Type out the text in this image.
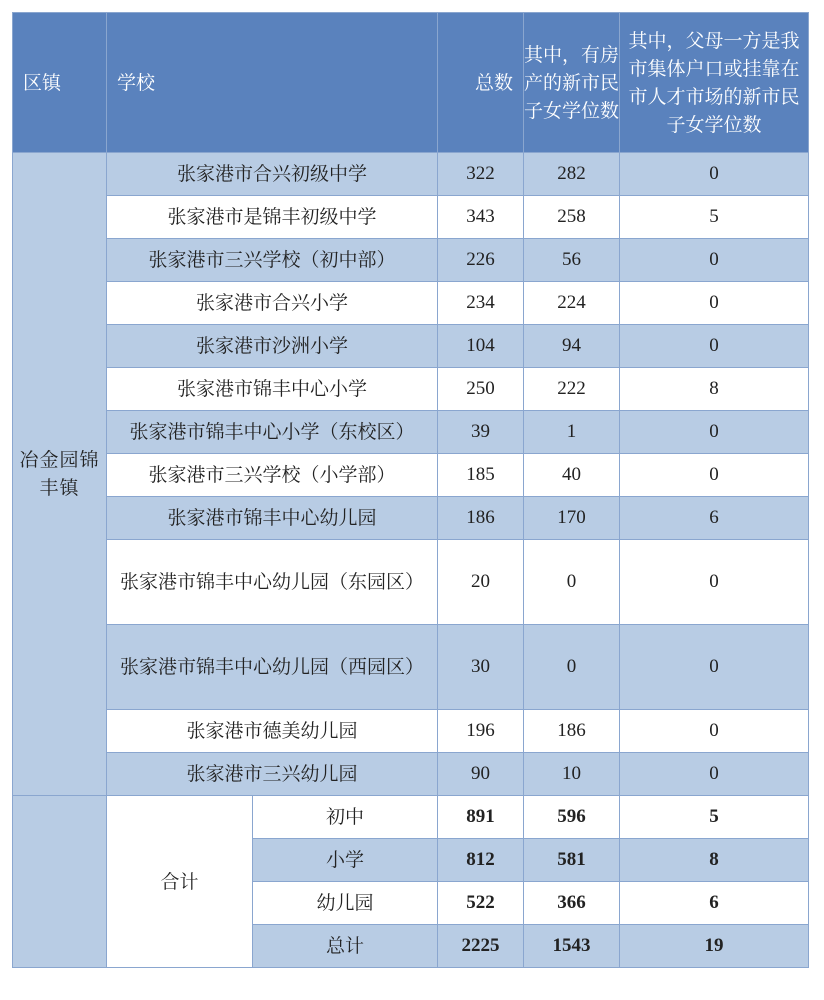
区镇	学校		总数	其中，有房产的新市民子女学位数	其中，父母一方是我市集体户口或挂靠在市人才市场的新市民子女学位数
冶金园锦丰镇	张家港市合兴初级中学		322	282	0
	张家港市是锦丰初级中学		343	258	5
	张家港市三兴学校（初中部）		226	56	0
	张家港市合兴小学		234	224	0
	张家港市沙洲小学		104	94	0
	张家港市锦丰中心小学		250	222	8
	张家港市锦丰中心小学（东校区）		39	1	0
	张家港市三兴学校（小学部）		185	40	0
	张家港市锦丰中心幼儿园		186	170	6
	张家港市锦丰中心幼儿园（东园区）		20	0	0
	张家港市锦丰中心幼儿园（西园区）		30	0	0
	张家港市德美幼儿园		196	186	0
	张家港市三兴幼儿园		90	10	0
	合计	初中	891	596	5
		小学	812	581	8
		幼儿园	522	366	6
		总计	2225	1543	19
